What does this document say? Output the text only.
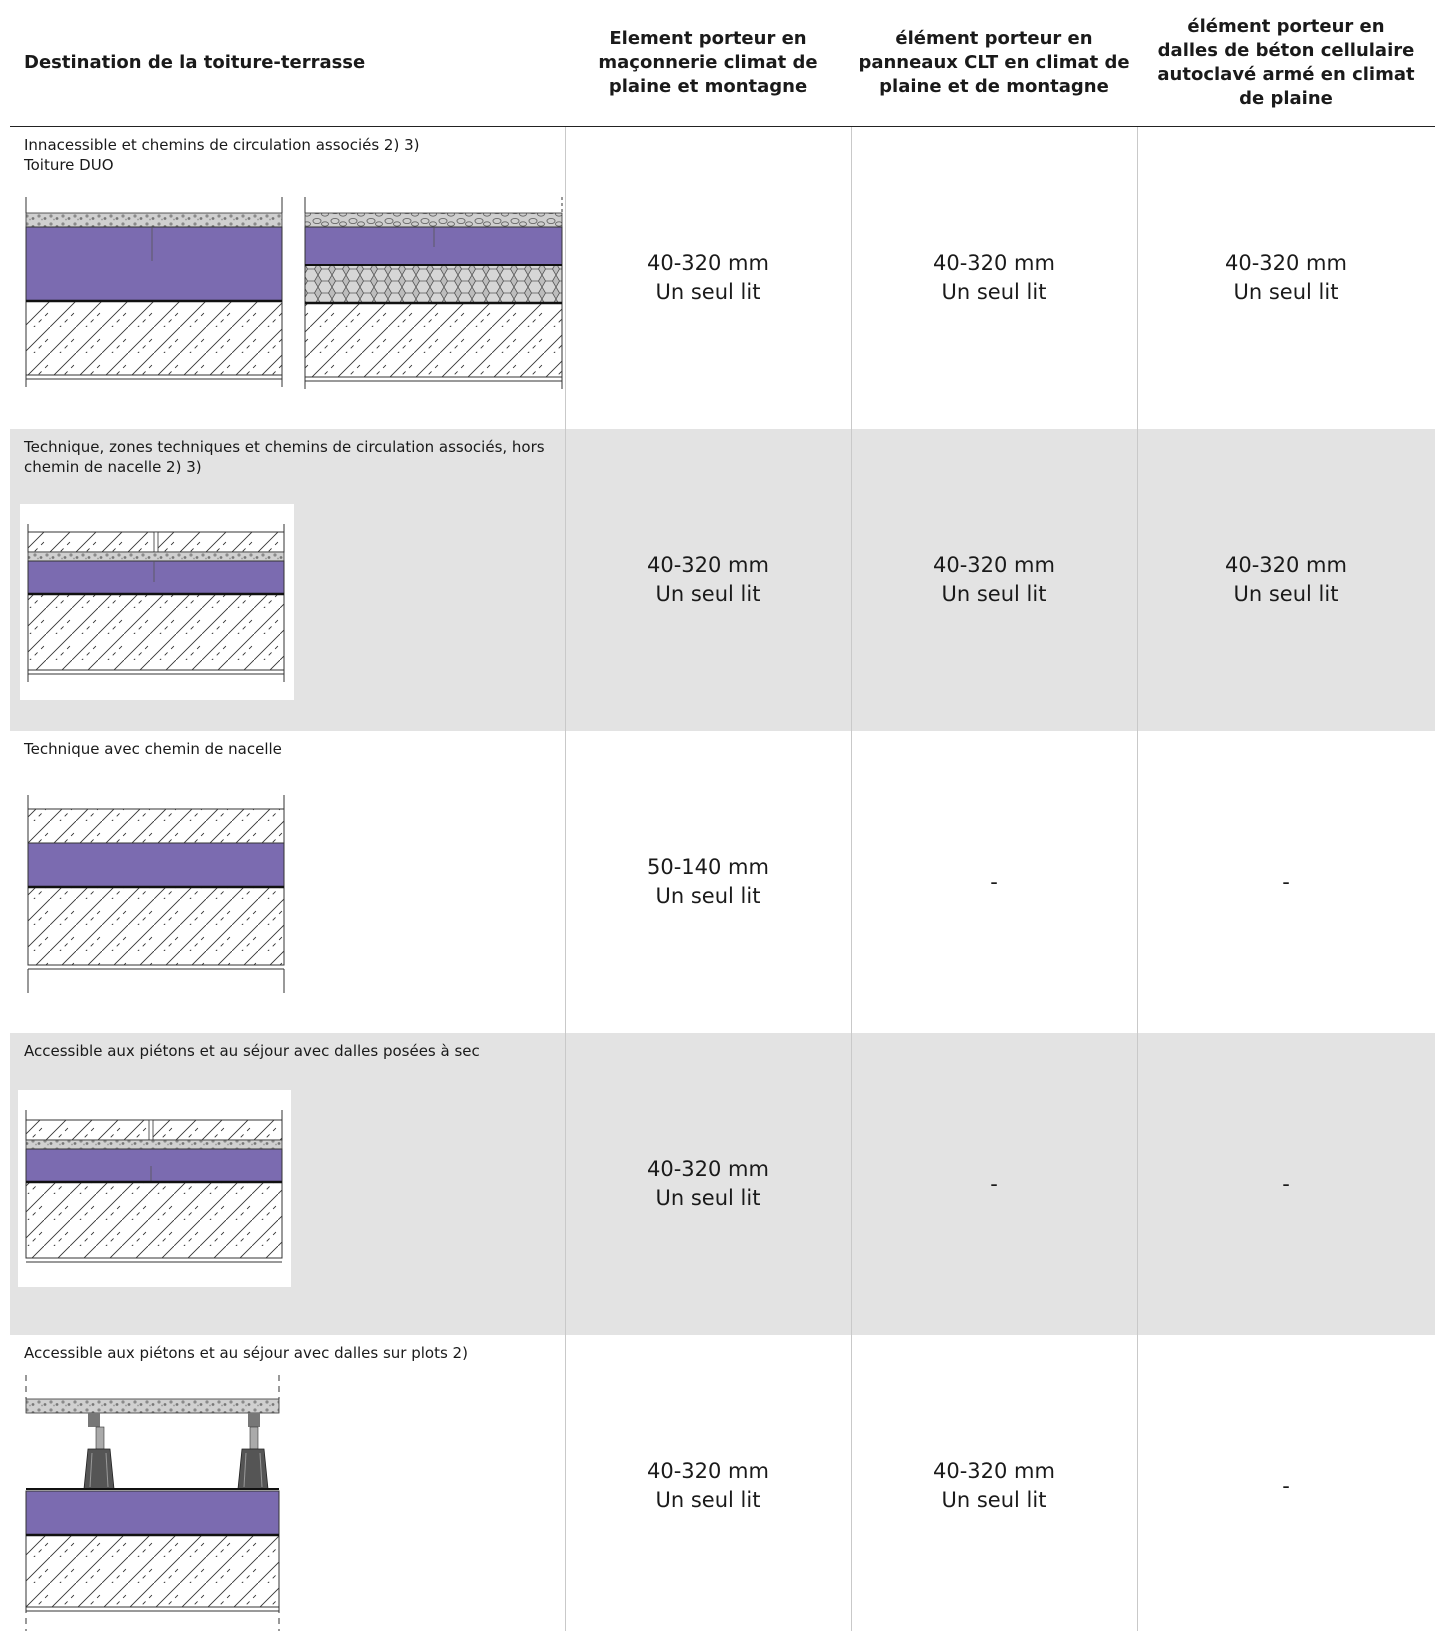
Destination de la toiture-terrasse
Element porteur en
maçonnerie climat de
plaine et montagne
élément porteur en
panneaux CLT en climat de
plaine et de montagne
élément porteur en
dalles de béton cellulaire
autoclavé armé en climat
de plaine
Innacessible et chemins de circulation associés 2) 3)
Toiture DUO
40-320 mm
Un seul lit
40-320 mm
Un seul lit
40-320 mm
Un seul lit
Technique, zones techniques et chemins de circulation associés, hors
chemin de nacelle 2) 3)
40-320 mm
Un seul lit
40-320 mm
Un seul lit
40-320 mm
Un seul lit
Technique avec chemin de nacelle
50-140 mm
Un seul lit
-	-
Accessible aux piétons et au séjour avec dalles posées à sec
40-320 mm
Un seul lit
-	-
Accessible aux piétons et au séjour avec dalles sur plots 2)
40-320 mm
Un seul lit
40-320 mm
Un seul lit
-
